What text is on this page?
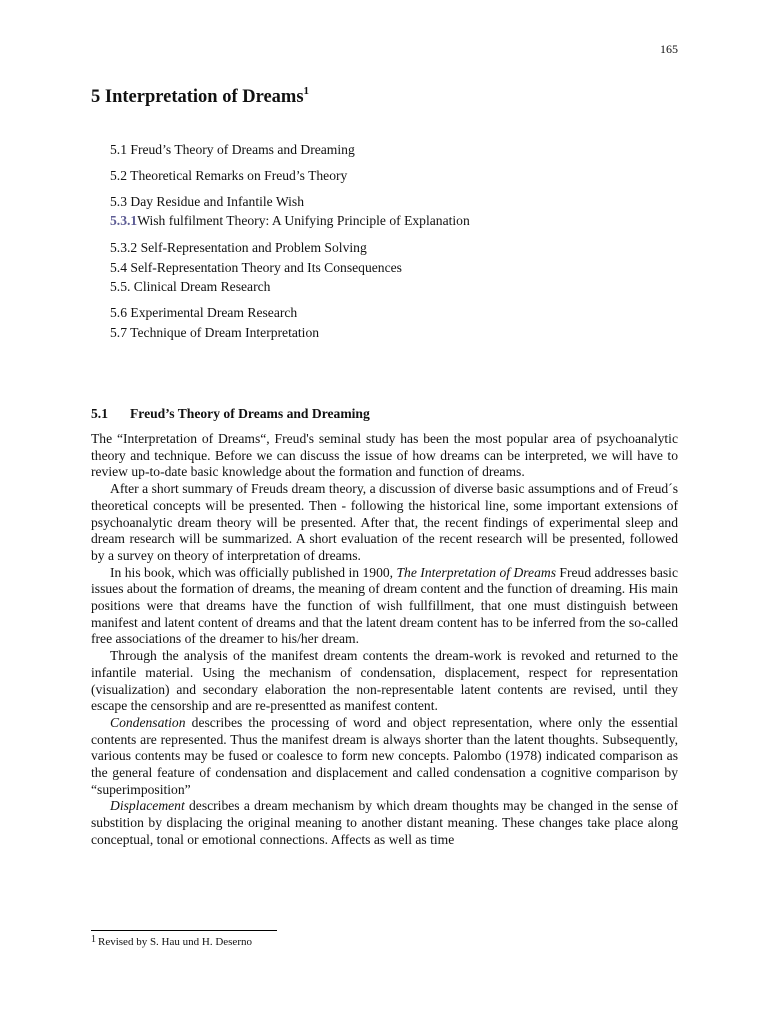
165
5 Interpretation of Dreams$^1$
5.1 Freud’s Theory of Dreams and Dreaming
5.2 Theoretical Remarks on Freud’s Theory
5.3 Day Residue and Infantile Wish
5.3.1Wish fulfilment Theory: A Unifying Principle of Explanation
5.3.2 Self-Representation and Problem Solving
5.4 Self-Representation Theory and Its Consequences
5.5. Clinical Dream Research
5.6 Experimental Dream Research
5.7 Technique of Dream Interpretation
5.1 Freud’s Theory of Dreams and Dreaming

The “Interpretation of Dreams“, Freud's seminal study has been the most popular area of psychoanalytic theory and technique. Before we can discuss the issue of how dreams can be interpreted, we will have to review up-to-date basic knowledge about the formation and function of dreams.

After a short summary of Freuds dream theory, a discussion of diverse basic assumptions and of Freud´s theoretical concepts will be presented. Then - following the historical line, some important extensions of psychoanalytic dream theory will be presented. After that, the recent findings of experimental sleep and dream research will be summarized. A short evaluation of the recent research will be presented, followed by a survey on theory of interpretation of dreams.

In his book, which was officially published in 1900, The Interpretation of Dreams Freud addresses basic issues about the formation of dreams, the meaning of dream content and the function of dreaming. His main positions were that dreams have the function of wish fullfillment, that one must distinguish between manifest and latent content of dreams and that the latent dream content has to be inferred from the so-called free associations of the dreamer to his/her dream.

Through the analysis of the manifest dream contents the dream-work is revoked and returned to the infantile material. Using the mechanism of condensation, displacement, respect for representation (visualization) and secondary elaboration the non-representable latent contents are revised, until they escape the censorship and are re-presentted as manifest content.

Condensation describes the processing of word and object representation, where only the essential contents are represented. Thus the manifest dream is always shorter than the latent thoughts. Subsequently, various contents may be fused or coalesce to form new concepts. Palombo (1978) indicated comparison as the general feature of condensation and displacement and called condensation a cognitive comparison by “superimposition”

Displacement describes a dream mechanism by which dream thoughts may be changed in the sense of substition by displacing the original meaning to another distant meaning. These changes take place along conceptual, tonal or emotional connections. Affects as well as time

$^1$ Revised by S. Hau und H. Deserno
